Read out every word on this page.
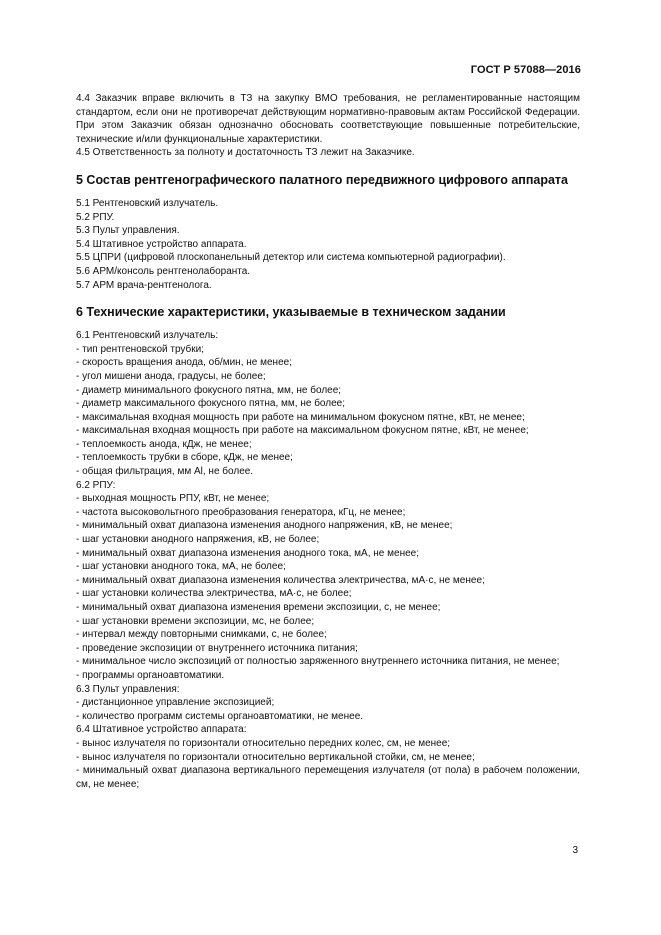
ГОСТ Р 57088—2016

4.4 Заказчик вправе включить в ТЗ на закупку ВМО требования, не регламентированные настоящим стандартом, если они не противоречат действующим нормативно-правовым актам Российской Федерации. При этом Заказчик обязан однозначно обосновать соответствующие повышенные потребительские, технические и/или функциональные характеристики.

4.5 Ответственность за полноту и достаточность ТЗ лежит на Заказчике.

5 Состав рентгенографического палатного передвижного цифрового аппарата

5.1 Рентгеновский излучатель.

5.2 РПУ.

5.3 Пульт управления.

5.4 Штативное устройство аппарата.

5.5 ЦПРИ (цифровой плоскопанельный детектор или система компьютерной радиографии).

5.6 АРМ/консоль рентгенолаборанта.

5.7 АРМ врача-рентгенолога.

6 Технические характеристики, указываемые в техническом задании

6.1 Рентгеновский излучатель:

- тип рентгеновской трубки;

- скорость вращения анода, об/мин, не менее;

- угол мишени анода, градусы, не более;

- диаметр минимального фокусного пятна, мм, не более;

- диаметр максимального фокусного пятна, мм, не более;

- максимальная входная мощность при работе на минимальном фокусном пятне, кВт, не менее;

- максимальная входная мощность при работе на максимальном фокусном пятне, кВт, не менее;

- теплоемкость анода, кДж, не менее;

- теплоемкость трубки в сборе, кДж, не менее;

- общая фильтрация, мм Al, не более.

6.2 РПУ:

- выходная мощность РПУ, кВт, не менее;

- частота высоковольтного преобразования генератора, кГц, не менее;

- минимальный охват диапазона изменения анодного напряжения, кВ, не менее;

- шаг установки анодного напряжения, кВ, не более;

- минимальный охват диапазона изменения анодного тока, мА, не менее;

- шаг установки анодного тока, мА, не более;

- минимальный охват диапазона изменения количества электричества, мА·с, не менее;

- шаг установки количества электричества, мА·с, не более;

- минимальный охват диапазона изменения времени экспозиции, с, не менее;

- шаг установки времени экспозиции, мс, не более;

- интервал между повторными снимками, с, не более;

- проведение экспозиции от внутреннего источника питания;

- минимальное число экспозиций от полностью заряженного внутреннего источника питания, не менее;

- программы органоавтоматики.

6.3 Пульт управления:

- дистанционное управление экспозицией;

- количество программ системы органоавтоматики, не менее.

6.4 Штативное устройство аппарата:

- вынос излучателя по горизонтали относительно передних колес, см, не менее;

- вынос излучателя по горизонтали относительно вертикальной стойки, см, не менее;

- минимальный охват диапазона вертикального перемещения излучателя (от пола) в рабочем положении, см, не менее;

3
